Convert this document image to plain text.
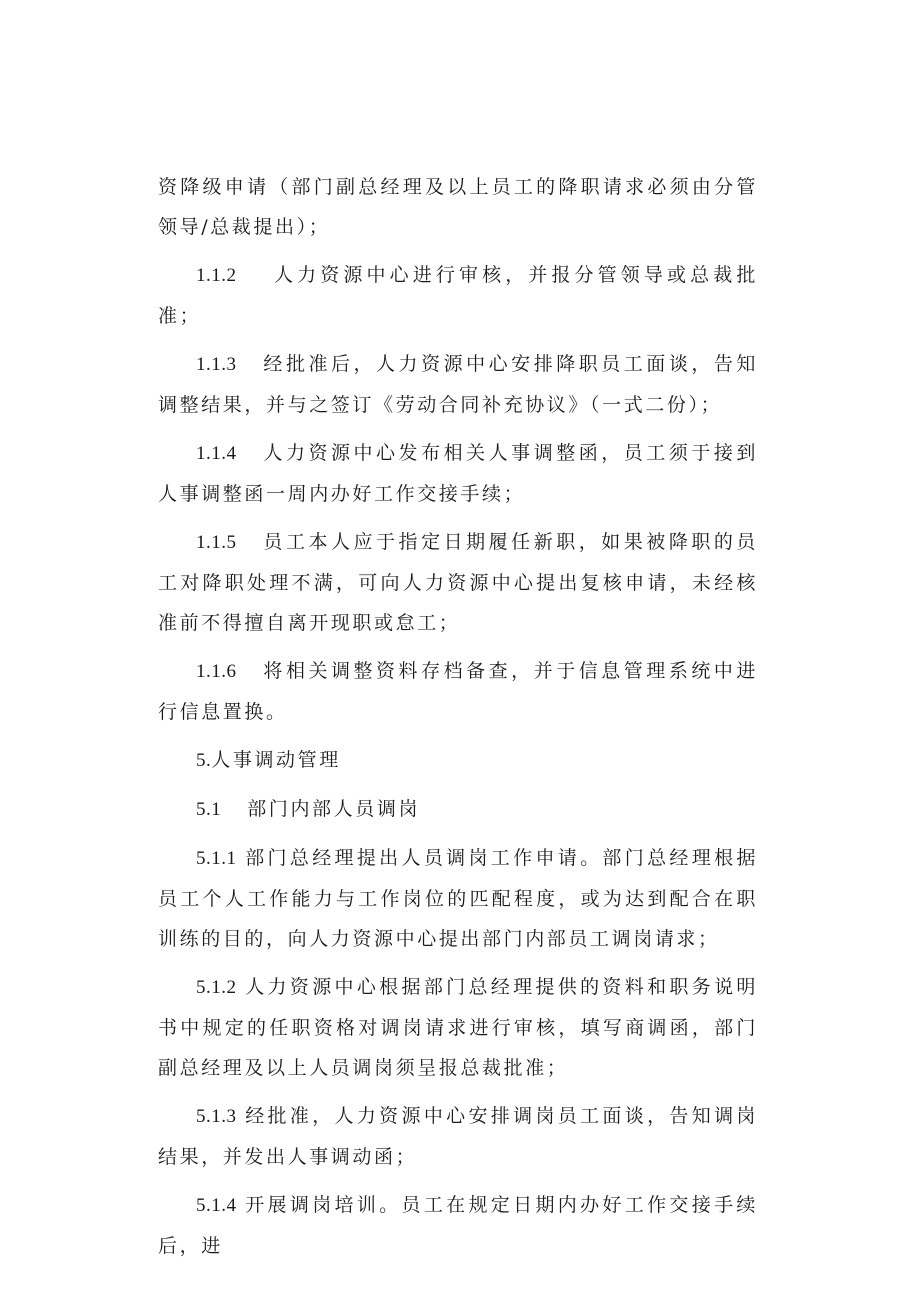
资降级申请（部门副总经理及以上员工的降职请求必须由分管领导/总裁提出）；

1.1.2 人力资源中心进行审核，并报分管领导或总裁批准；

1.1.3 经批准后，人力资源中心安排降职员工面谈，告知调整结果，并与之签订《劳动合同补充协议》（一式二份）；

1.1.4 人力资源中心发布相关人事调整函，员工须于接到人事调整函一周内办好工作交接手续；

1.1.5 员工本人应于指定日期履任新职，如果被降职的员工对降职处理不满，可向人力资源中心提出复核申请，未经核准前不得擅自离开现职或怠工；

1.1.6 将相关调整资料存档备查，并于信息管理系统中进行信息置换。

5.人事调动管理

5.1 部门内部人员调岗

5.1.1 部门总经理提出人员调岗工作申请。部门总经理根据员工个人工作能力与工作岗位的匹配程度，或为达到配合在职训练的目的，向人力资源中心提出部门内部员工调岗请求；

5.1.2 人力资源中心根据部门总经理提供的资料和职务说明书中规定的任职资格对调岗请求进行审核，填写商调函，部门副总经理及以上人员调岗须呈报总裁批准；

5.1.3 经批准，人力资源中心安排调岗员工面谈，告知调岗结果，并发出人事调动函；

5.1.4 开展调岗培训。员工在规定日期内办好工作交接手续后，进
